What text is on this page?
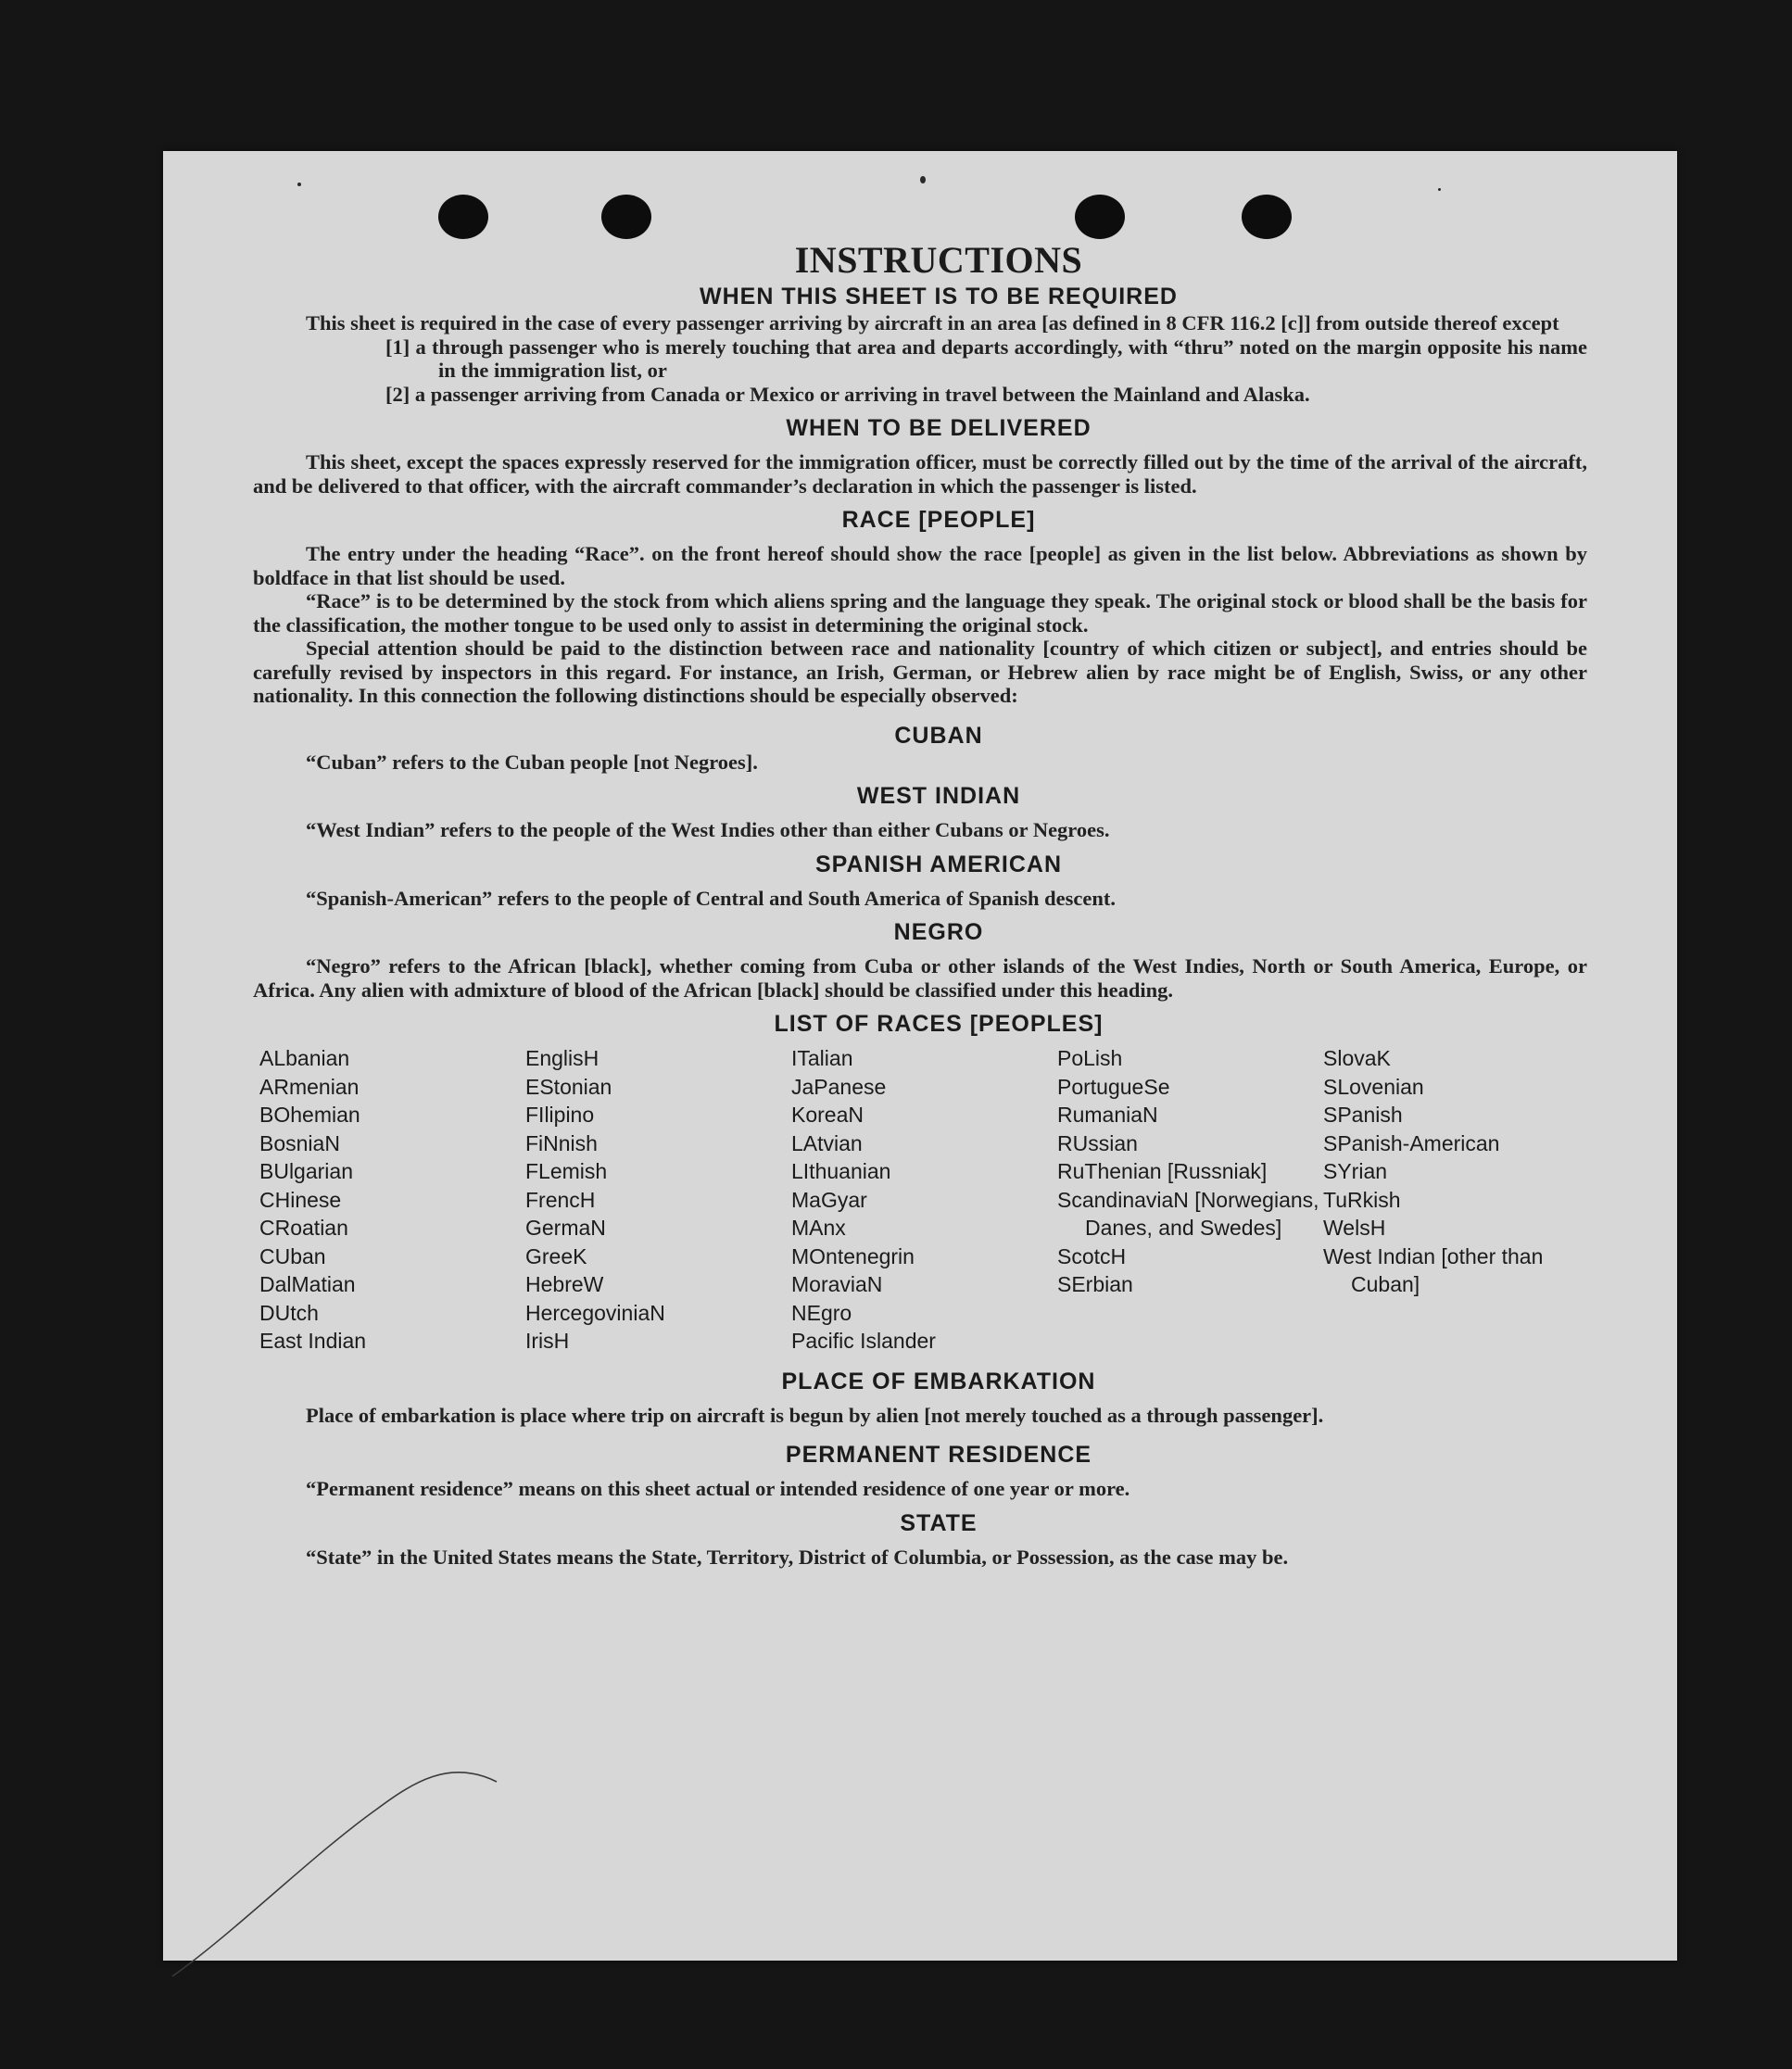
INSTRUCTIONS
WHEN THIS SHEET IS TO BE REQUIRED

This sheet is required in the case of every passenger arriving by aircraft in an area [as defined in 8 CFR 116.2 [c]] from outside thereof except

[1] a through passenger who is merely touching that area and departs accordingly, with “thru” noted on the margin opposite his name in the immigration list, or

[2] a passenger arriving from Canada or Mexico or arriving in travel between the Mainland and Alaska.

WHEN TO BE DELIVERED

This sheet, except the spaces expressly reserved for the immigration officer, must be correctly filled out by the time of the arrival of the aircraft, and be delivered to that officer, with the aircraft commander’s declaration in which the passenger is listed.

RACE [PEOPLE]

The entry under the heading “Race”. on the front hereof should show the race [people] as given in the list below. Abbreviations as shown by boldface in that list should be used.

“Race” is to be determined by the stock from which aliens spring and the language they speak. The original stock or blood shall be the basis for the classification, the mother tongue to be used only to assist in determining the original stock.

Special attention should be paid to the distinction between race and nationality [country of which citizen or subject], and entries should be carefully revised by inspectors in this regard. For instance, an Irish, German, or Hebrew alien by race might be of English, Swiss, or any other nationality. In this connection the following distinctions should be especially observed:

CUBAN

“Cuban” refers to the Cuban people [not Negroes].

WEST INDIAN

“West Indian” refers to the people of the West Indies other than either Cubans or Negroes.

SPANISH AMERICAN

“Spanish-American” refers to the people of Central and South America of Spanish descent.

NEGRO

“Negro” refers to the African [black], whether coming from Cuba or other islands of the West Indies, North or South America, Europe, or Africa. Any alien with admixture of blood of the African [black] should be classified under this heading.

LIST OF RACES [PEOPLES]
ALbanian
ARmenian
BOhemian
BosniaN
BUlgarian
CHinese
CRoatian
CUban
DalMatian
DUtch
East Indian
EnglisH
EStonian
FIlipino
FiNnish
FLemish
FrencH
GermaN
GreeK
HebreW
HercegoviniaN
IrisH
ITalian
JaPanese
KoreaN
LAtvian
LIthuanian
MaGyar
MAnx
MOntenegrin
MoraviaN
NEgro
Pacific Islander
PoLish
PortugueSe
RumaniaN
RUssian
RuThenian [Russniak]
ScandinaviaN [Norwegians, Danes, and Swedes]
ScotcH
SErbian
SlovaK
SLovenian
SPanish
SPanish-American
SYrian
TuRkish
WelsH
West Indian [other than Cuban]
PLACE OF EMBARKATION

Place of embarkation is place where trip on aircraft is begun by alien [not merely touched as a through passenger].

PERMANENT RESIDENCE

“Permanent residence” means on this sheet actual or intended residence of one year or more.

STATE

“State” in the United States means the State, Territory, District of Columbia, or Possession, as the case may be.
